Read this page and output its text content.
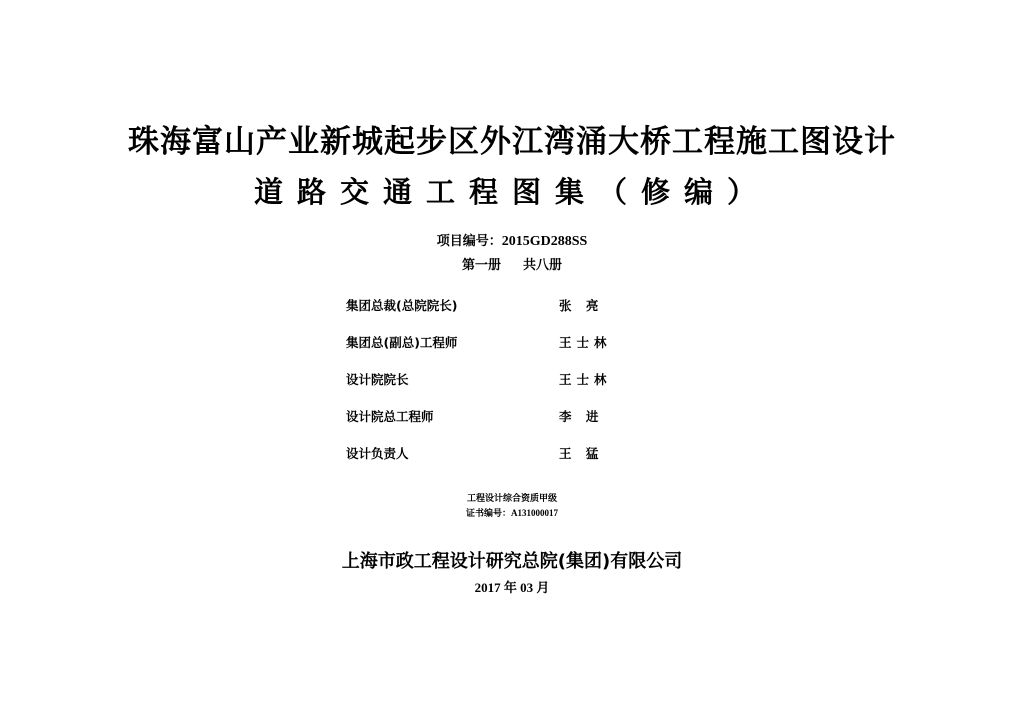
珠海富山产业新城起步区外江湾涌大桥工程施工图设计
道路交通工程图集（修编）
项目编号：2015GD288SS
第一册 共八册
集团总裁(总院院长)	张 亮
集团总(副总)工程师	王士林
设计院院长	王士林
设计院总工程师	李 进
设计负责人	王 猛
工程设计综合资质甲级
证书编号：A131000017
上海市政工程设计研究总院(集团)有限公司
2017 年 03 月
